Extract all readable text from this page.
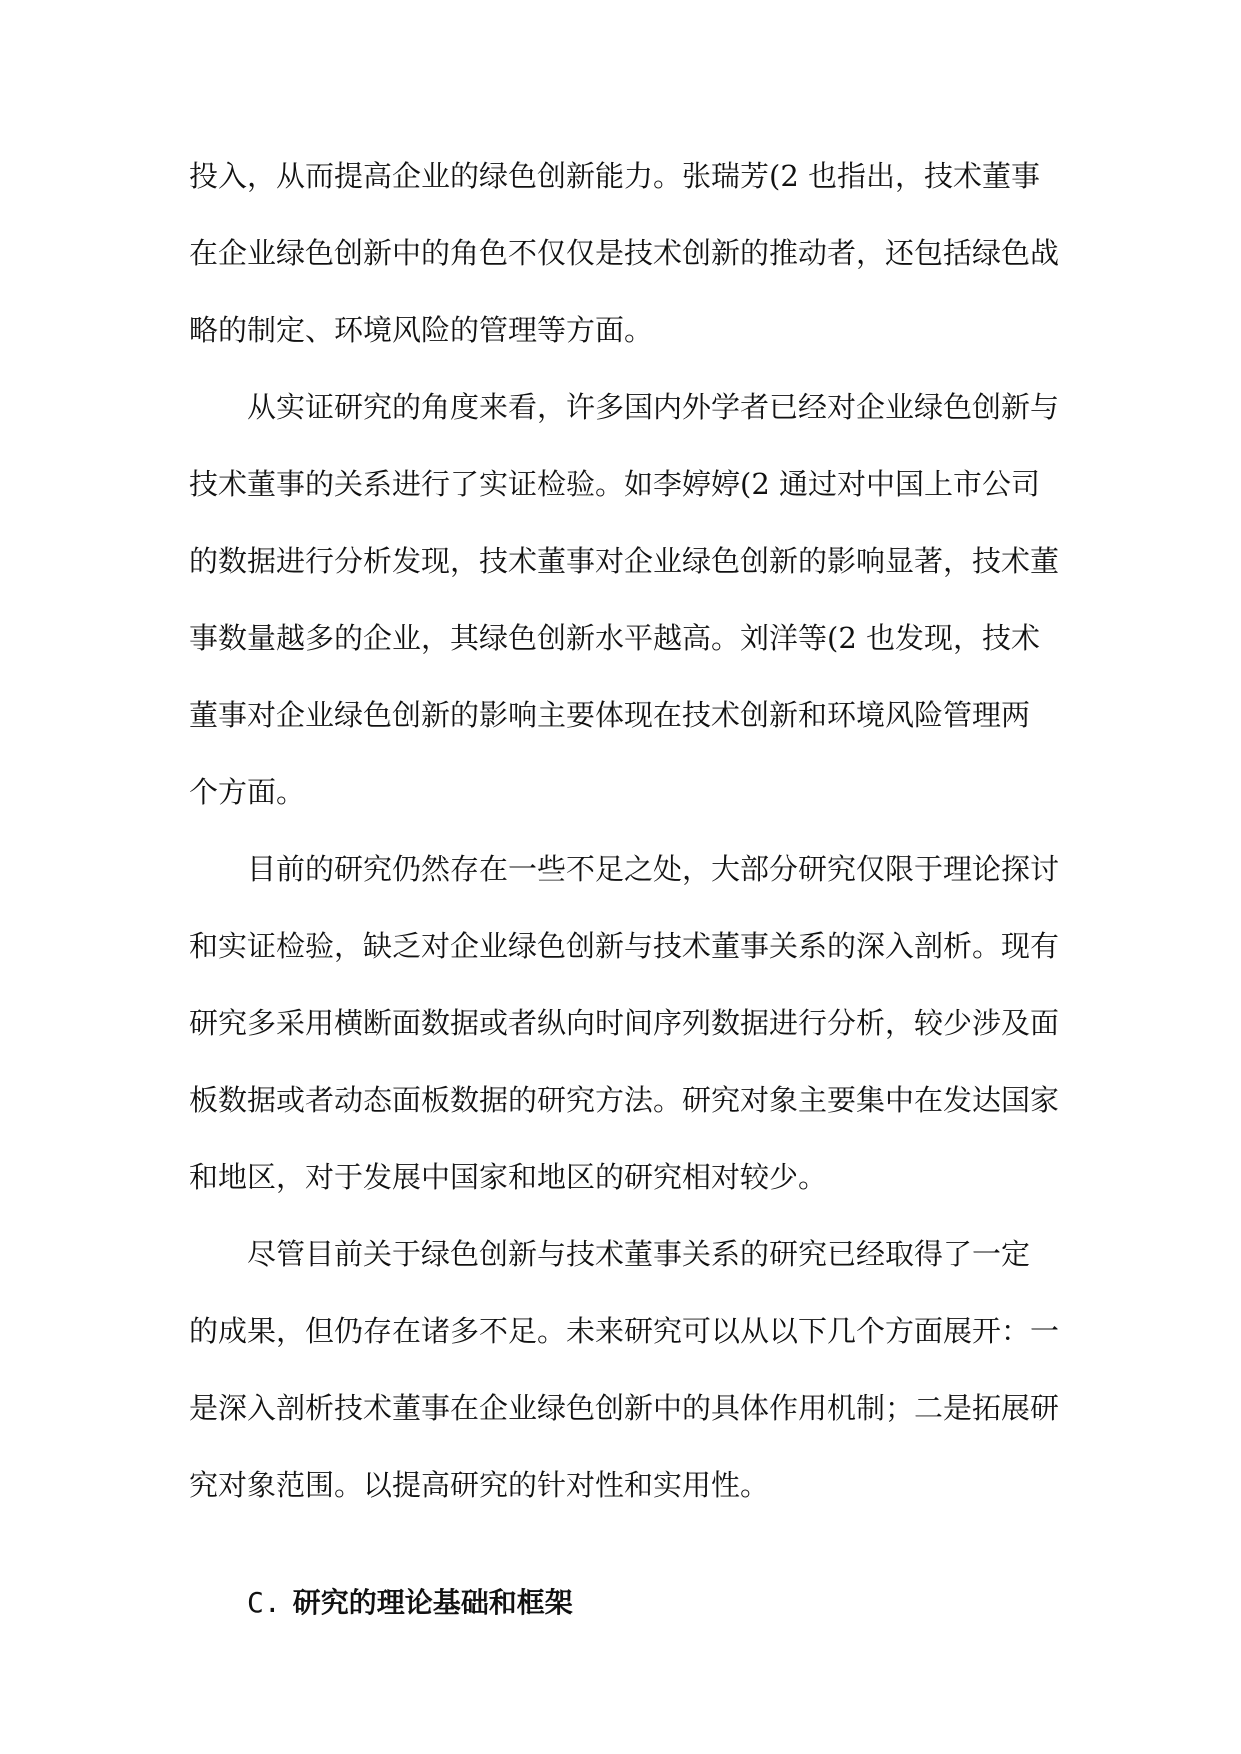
投入，从而提高企业的绿色创新能力。张瑞芳(2 也指出，技术董事
在企业绿色创新中的角色不仅仅是技术创新的推动者，还包括绿色战
略的制定、环境风险的管理等方面。
从实证研究的角度来看，许多国内外学者已经对企业绿色创新与
技术董事的关系进行了实证检验。如李婷婷(2 通过对中国上市公司
的数据进行分析发现，技术董事对企业绿色创新的影响显著，技术董
事数量越多的企业，其绿色创新水平越高。刘洋等(2 也发现，技术
董事对企业绿色创新的影响主要体现在技术创新和环境风险管理两
个方面。
目前的研究仍然存在一些不足之处，大部分研究仅限于理论探讨
和实证检验，缺乏对企业绿色创新与技术董事关系的深入剖析。现有
研究多采用横断面数据或者纵向时间序列数据进行分析，较少涉及面
板数据或者动态面板数据的研究方法。研究对象主要集中在发达国家
和地区，对于发展中国家和地区的研究相对较少。
尽管目前关于绿色创新与技术董事关系的研究已经取得了一定
的成果，但仍存在诸多不足。未来研究可以从以下几个方面展开：一
是深入剖析技术董事在企业绿色创新中的具体作用机制；二是拓展研
究对象范围。以提高研究的针对性和实用性。
C. 研究的理论基础和框架
